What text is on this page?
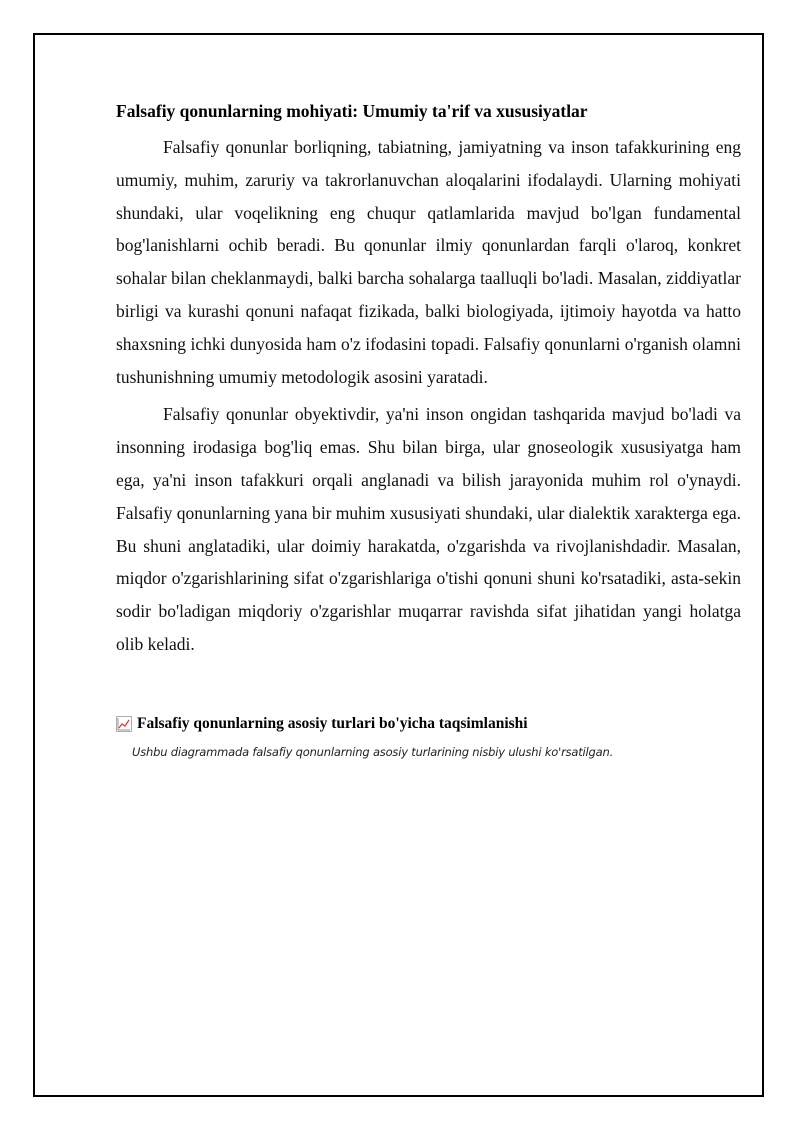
Falsafiy qonunlarning mohiyati: Umumiy ta'rif va xususiyatlar

Falsafiy qonunlar borliqning, tabiatning, jamiyatning va inson tafakkurining eng umumiy, muhim, zaruriy va takrorlanuvchan aloqalarini ifodalaydi. Ularning mohiyati shundaki, ular voqelikning eng chuqur qatlamlarida mavjud bo'lgan fundamental bog'lanishlarni ochib beradi. Bu qonunlar ilmiy qonunlardan farqli o'laroq, konkret sohalar bilan cheklanmaydi, balki barcha sohalarga taalluqli bo'ladi. Masalan, ziddiyatlar birligi va kurashi qonuni nafaqat fizikada, balki biologiyada, ijtimoiy hayotda va hatto shaxsning ichki dunyosida ham o'z ifodasini topadi. Falsafiy qonunlarni o'rganish olamni tushunishning umumiy metodologik asosini yaratadi.

Falsafiy qonunlar obyektivdir, ya'ni inson ongidan tashqarida mavjud bo'ladi va insonning irodasiga bog'liq emas. Shu bilan birga, ular gnoseologik xususiyatga ham ega, ya'ni inson tafakkuri orqali anglanadi va bilish jarayonida muhim rol o'ynaydi. Falsafiy qonunlarning yana bir muhim xususiyati shundaki, ular dialektik xarakterga ega. Bu shuni anglatadiki, ular doimiy harakatda, o'zgarishda va rivojlanishdadir. Masalan, miqdor o'zgarishlarining sifat o'zgarishlariga o'tishi qonuni shuni ko'rsatadiki, asta-sekin sodir bo'ladigan miqdoriy o'zgarishlar muqarrar ravishda sifat jihatidan yangi holatga olib keladi.

Falsafiy qonunlarning asosiy turlari bo'yicha taqsimlanishi
Ushbu diagrammada falsafiy qonunlarning asosiy turlarining nisbiy ulushi ko'rsatilgan.
